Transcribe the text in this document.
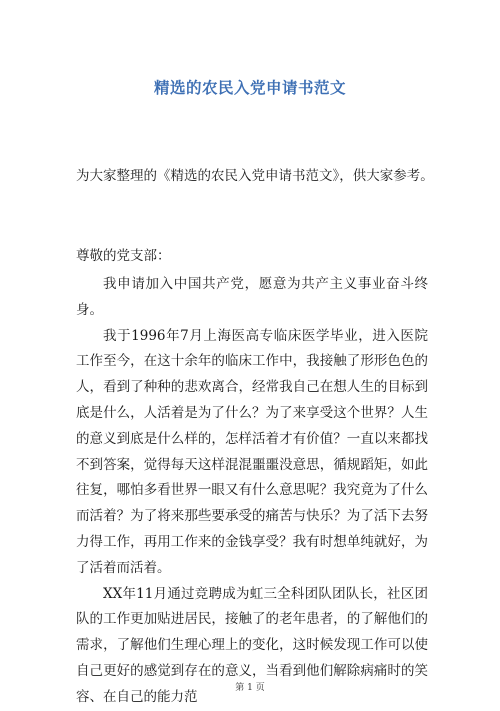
精选的农民入党申请书范文
为大家整理的《精选的农民入党申请书范文》，供大家参考。
尊敬的党支部：

我申请加入中国共产党，愿意为共产主义事业奋斗终身。

我于1996年7月上海医高专临床医学毕业，进入医院工作至今，在这十余年的临床工作中，我接触了形形色色的人，看到了种种的悲欢离合，经常我自己在想人生的目标到底是什么，人活着是为了什么？为了来享受这个世界？人生的意义到底是什么样的，怎样活着才有价值？一直以来都找不到答案，觉得每天这样混混噩噩没意思，循规蹈矩，如此往复，哪怕多看世界一眼又有什么意思呢？我究竟为了什么而活着？为了将来那些要承受的痛苦与快乐？为了活下去努力得工作，再用工作来的金钱享受？我有时想单纯就好，为了活着而活着。

XX年11月通过竞聘成为虹三全科团队团队长，社区团队的工作更加贴进居民，接触了的老年患者，的了解他们的需求，了解他们生理心理上的变化，这时候发现工作可以使自己更好的感觉到存在的意义，当看到他们解除病痛时的笑容、在自己的能力范

第 1 页
